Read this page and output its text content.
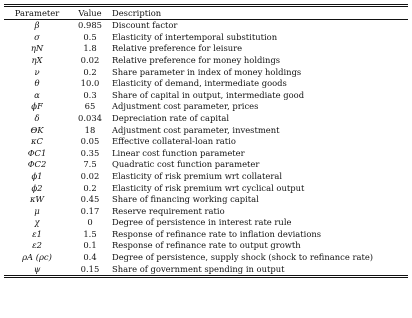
Parameter	Value	Description
β	0.985	Discount factor
σ	0.5	Elasticity of intertemporal substitution
ηN	1.8	Relative preference for leisure
ηX	0.02	Relative preference for money holdings
ν	0.2	Share parameter in index of money holdings
θ	10.0	Elasticity of demand, intermediate goods
α	0.3	Share of capital in output, intermediate good
ϕF	65	Adjustment cost parameter, prices
δ	0.034	Depreciation rate of capital
ΘK	18	Adjustment cost parameter, investment
κC	0.05	Effective collateral-loan ratio
ΦC1	0.35	Linear cost function parameter
ΦC2	7.5	Quadratic cost function parameter
ϕ1	0.02	Elasticity of risk premium wrt collateral
ϕ2	0.2	Elasticity of risk premium wrt cyclical output
κW	0.45	Share of financing working capital
μ	0.17	Reserve requirement ratio
χ	0	Degree of persistence in interest rate rule
ε1	1.5	Response of refinance rate to inflation deviations
ε2	0.1	Response of refinance rate to output growth
ρA (ρc)	0.4	Degree of persistence, supply shock (shock to refinance rate)
ψ	0.15	Share of government spending in output
